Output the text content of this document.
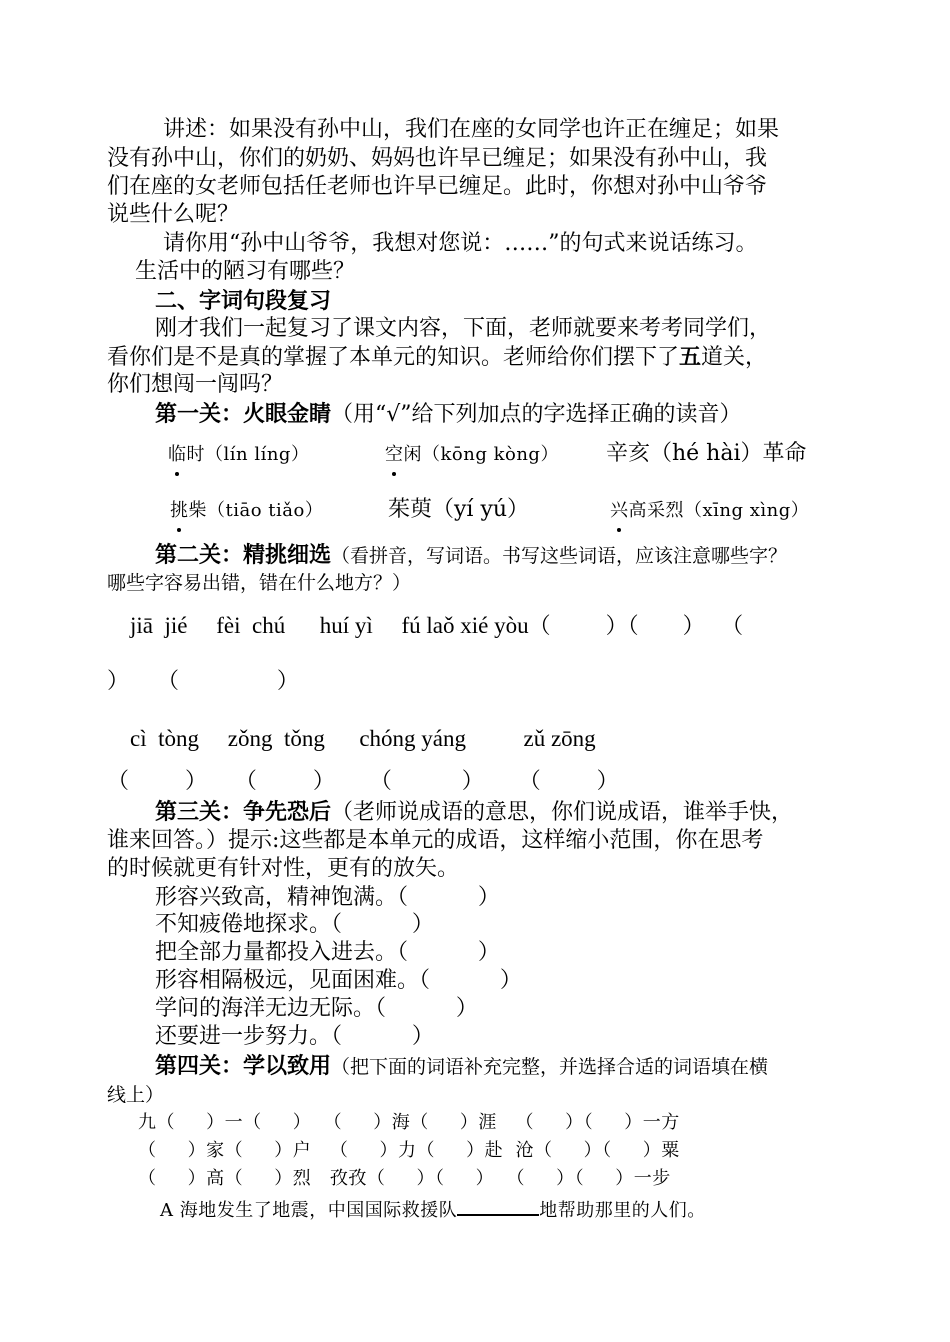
讲述：如果没有孙中山，我们在座的女同学也许正在缠足；如果
没有孙中山，你们的奶奶、妈妈也许早已缠足；如果没有孙中山，我
们在座的女老师包括任老师也许早已缠足。此时，你想对孙中山爷爷
说些什么呢？
请你用“孙中山爷爷，我想对您说：……”的句式来说话练习。
生活中的陋习有哪些？
二、字词句段复习
刚才我们一起复习了课文内容，下面，老师就要来考考同学们，
看你们是不是真的掌握了本单元的知识。老师给你们摆下了五道关，
你们想闯一闯吗？
第一关：火眼金睛（用“√”给下列加点的字选择正确的读音）
临时（lín líng）	空闲（kōng kòng） 辛亥（hé hài）革命
挑柴（tiāo tiǎo）	茱萸（yí yú）	兴高采烈（xīng xìng）
第二关：精挑细选（看拼音，写词语。书写这些词语，应该注意哪些字？
哪些字容易出错，错在什么地方？）
jiā  jié     fèi  chú      huí yì     fú laǒ xié yòu（          ）（        ）   （
）    （              ）
cì  tòng     zǒng  tǒng      chóng yáng          zǔ zōng
（        ）    （        ）     （          ）     （        ）
第三关：争先恐后（老师说成语的意思，你们说成语，谁举手快，
谁来回答。）提示:这些都是本单元的成语，这样缩小范围，你在思考
的时候就更有针对性，更有的放矢。
形容兴致高，精神饱满。（          ）
不知疲倦地探求。（          ）
把全部力量都投入进去。（          ）
形容相隔极远，见面困难。（          ）
学问的海洋无边无际。（          ）
还要进一步努力。（          ）
第四关：学以致用（把下面的词语补充完整，并选择合适的词语填在横
线上）
九（     ）一（     ）  （     ）海（     ）涯   （     ）（     ）一方
（     ）家（     ）户   （     ）力（     ）赴  沧（     ）（     ）粟
（     ）高（     ）烈   孜孜（     ）（     ）  （     ）（     ）一步
A 海地发生了地震，中国国际救援队	地帮助那里的人们。
